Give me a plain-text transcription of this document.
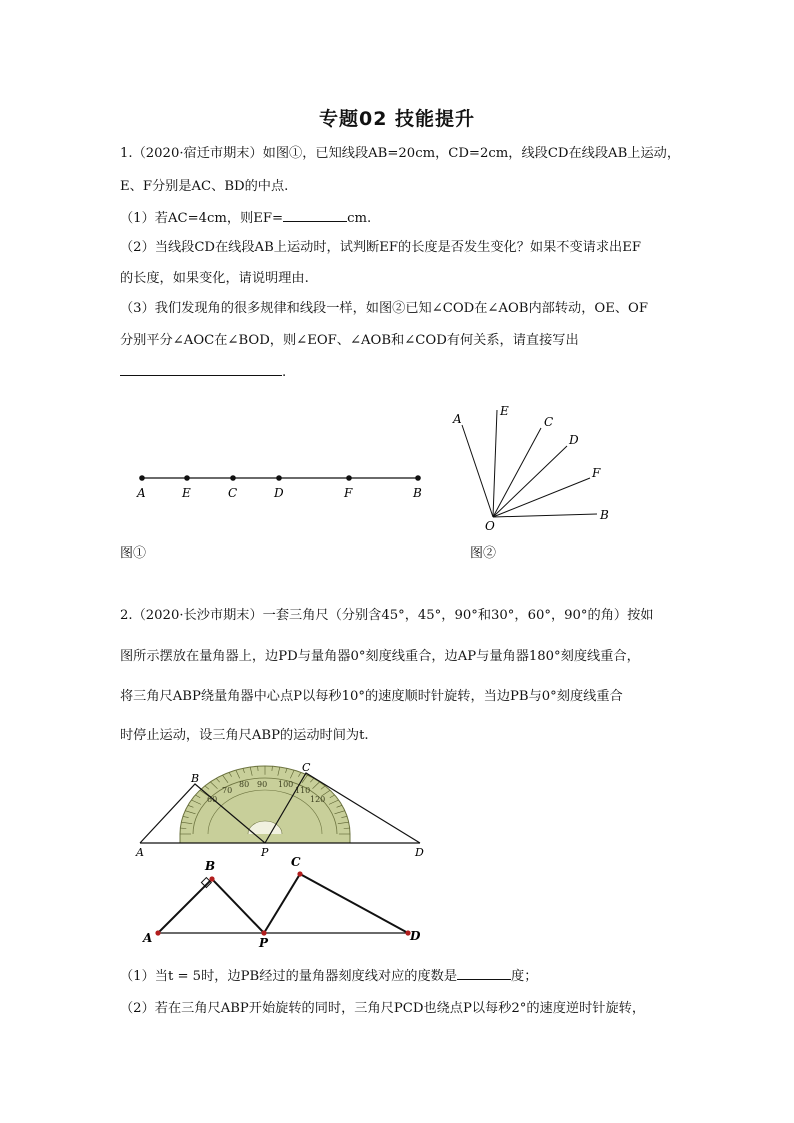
专题02 技能提升
1.（2020·宿迁市期末）如图①，已知线段AB=20cm，CD=2cm，线段CD在线段AB上运动，
E、F分别是AC、BD的中点.
（1）若AC=4cm，则EF=	cm.
（2）当线段CD在线段AB上运动时，试判断EF的长度是否发生变化？如果不变请求出EF
的长度，如果变化，请说明理由.
（3）我们发现角的很多规律和线段一样，如图②已知∠COD在∠AOB内部转动，OE、OF
分别平分∠AOC在∠BOD，则∠EOF、∠AOB和∠COD有何关系，请直接写出
.
A	E	C	D	F	B
图①
A
E
C
D
F
B
O
图②
2.（2020·长沙市期末）一套三角尺（分别含45°，45°，90°和30°，60°，90°的角）按如
图所示摆放在量角器上，边PD与量角器0°刻度线重合，边AP与量角器180°刻度线重合，
将三角尺ABP绕量角器中心点P以每秒10°的速度顺时针旋转，当边PB与0°刻度线重合
时停止运动，设三角尺ABP的运动时间为t.
90 100
110
120
80
70
60
A
B
P
C
D
A
B
P
C
D
（1）当t = 5时，边PB经过的量角器刻度线对应的度数是	度；
（2）若在三角尺ABP开始旋转的同时，三角尺PCD也绕点P以每秒2°的速度逆时针旋转，
